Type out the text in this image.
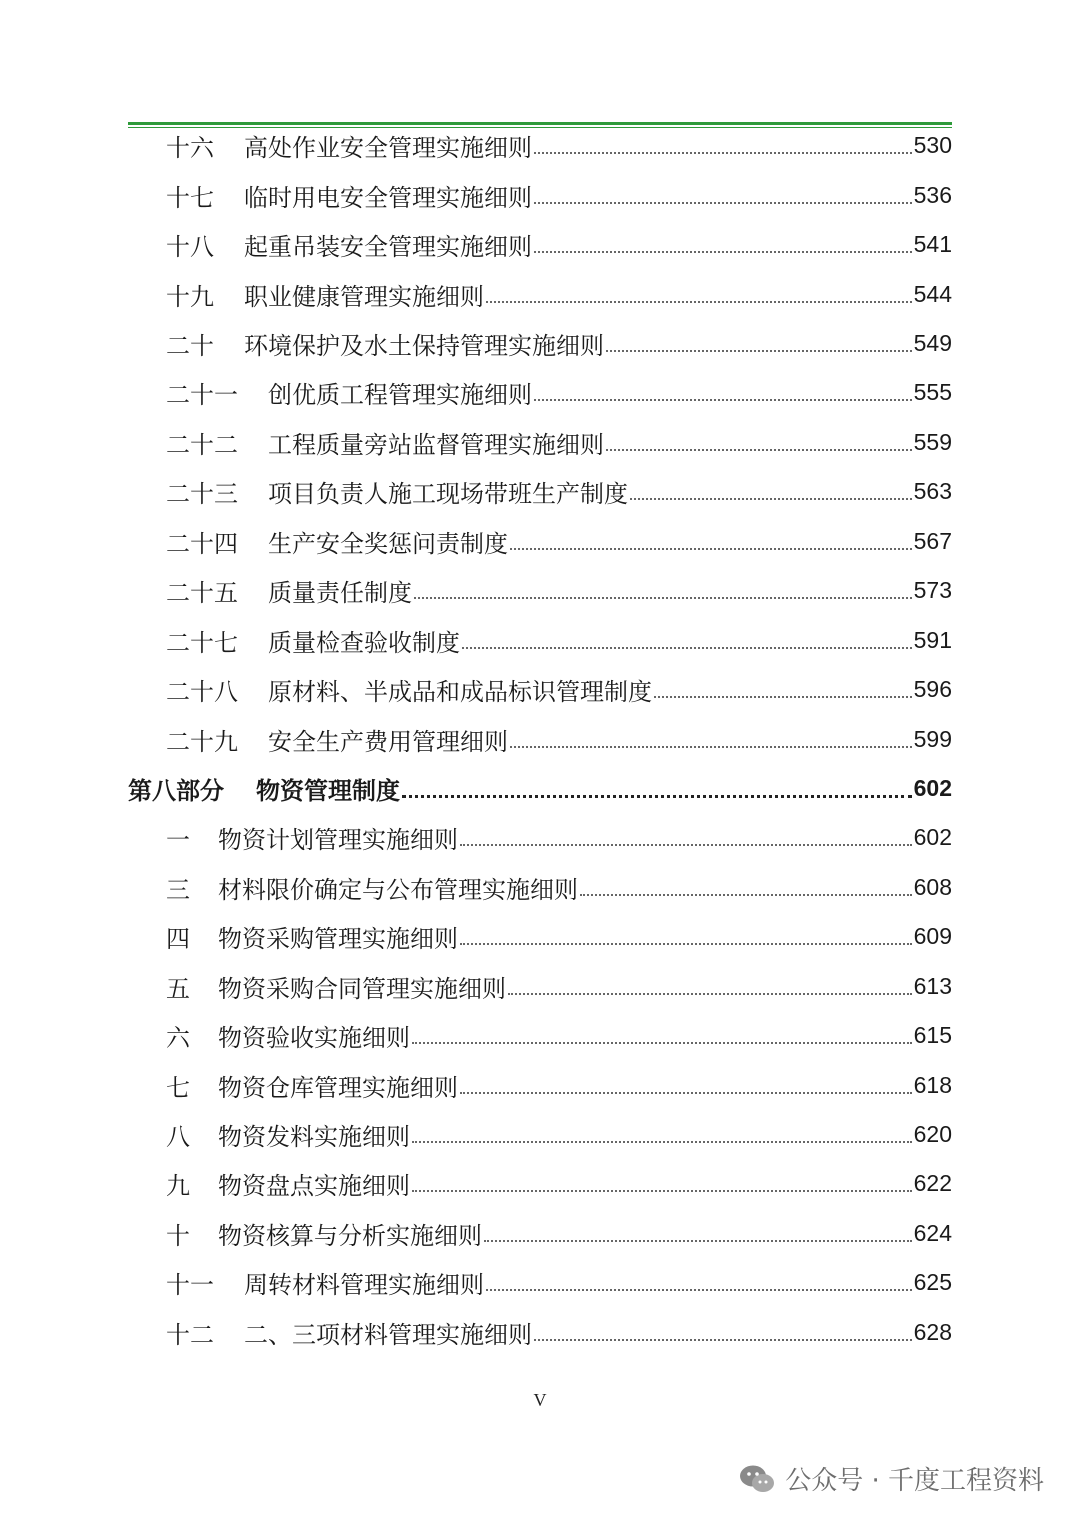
十六	高处作业安全管理实施细则	530
十七	临时用电安全管理实施细则	536
十八	起重吊装安全管理实施细则	541
十九	职业健康管理实施细则	544
二十	环境保护及水土保持管理实施细则	549
二十一	创优质工程管理实施细则	555
二十二	工程质量旁站监督管理实施细则	559
二十三	项目负责人施工现场带班生产制度	563
二十四	生产安全奖惩问责制度	567
二十五	质量责任制度	573
二十七	质量检查验收制度	591
二十八	原材料、半成品和成品标识管理制度	596
二十九	安全生产费用管理细则	599
第八部分	物资管理制度	602
一	物资计划管理实施细则	602
三	材料限价确定与公布管理实施细则	608
四	物资采购管理实施细则	609
五	物资采购合同管理实施细则	613
六	物资验收实施细则	615
七	物资仓库管理实施细则	618
八	物资发料实施细则	620
九	物资盘点实施细则	622
十	物资核算与分析实施细则	624
十一	周转材料管理实施细则	625
十二	二、三项材料管理实施细则	628
V
公众号 · 千度工程资料
